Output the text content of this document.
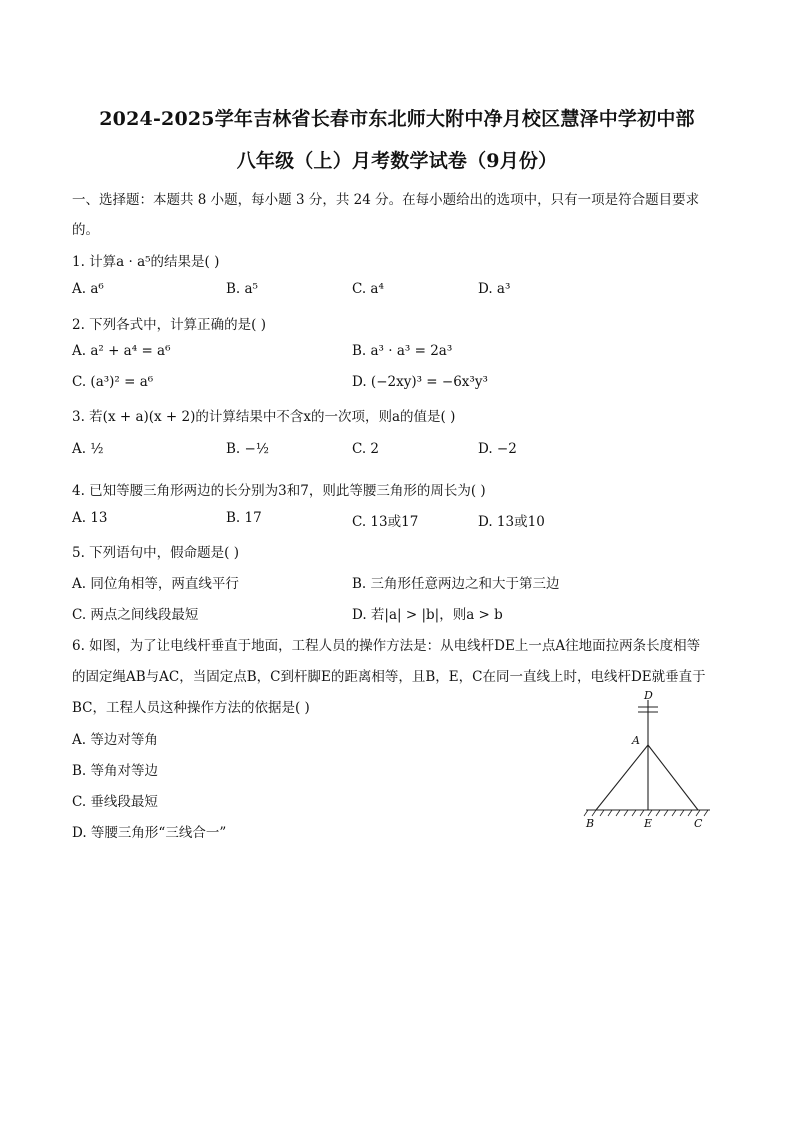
2024-2025学年吉林省长春市东北师大附中净月校区慧泽中学初中部
八年级（上）月考数学试卷（9月份）
一、选择题：本题共 8 小题，每小题 3 分，共 24 分。在每小题给出的选项中，只有一项是符合题目要求
的。
1. 计算a · a⁵的结果是( )
A. a⁶	B. a⁵	C. a⁴	D. a³
2. 下列各式中，计算正确的是( )
A. a² + a⁴ = a⁶	B. a³ · a³ = 2a³
C. (a³)² = a⁶	D. (−2xy)³ = −6x³y³
3. 若(x + a)(x + 2)的计算结果中不含x的一次项，则a的值是( )
A. ½	B. −½	C. 2	D. −2
4. 已知等腰三角形两边的长分别为3和7，则此等腰三角形的周长为( )
A. 13	B. 17	C. 13或17	D. 13或10
5. 下列语句中，假命题是( )
A. 同位角相等，两直线平行	B. 三角形任意两边之和大于第三边
C. 两点之间线段最短	D. 若|a| > |b|，则a > b
6. 如图，为了让电线杆垂直于地面，工程人员的操作方法是：从电线杆DE上一点A往地面拉两条长度相等
的固定绳AB与AC，当固定点B，C到杆脚E的距离相等，且B，E，C在同一直线上时，电线杆DE就垂直于
BC，工程人员这种操作方法的依据是( )
A. 等边对等角
B. 等角对等边
C. 垂线段最短
D. 等腰三角形“三线合一”
D
A
B	E	C
